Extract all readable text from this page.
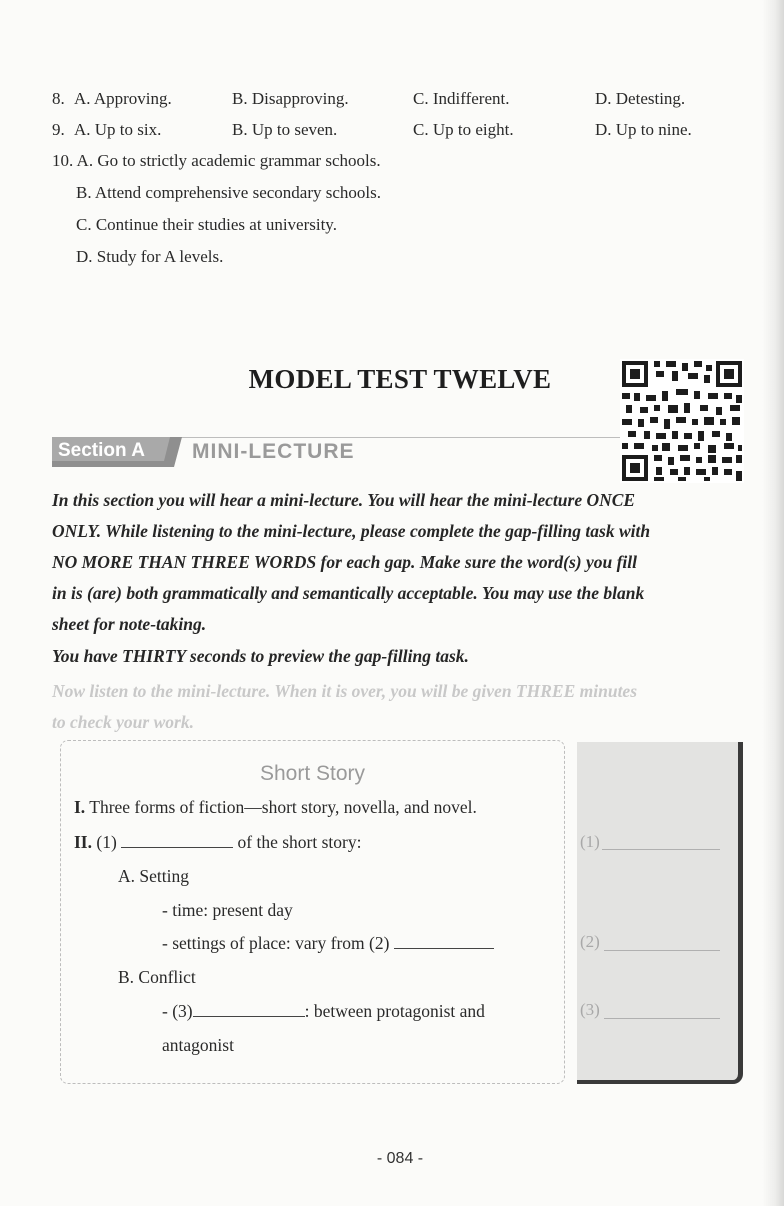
8. A. Approving.	B. Disapproving.	C. Indifferent.	D. Detesting.
9. A. Up to six.	B. Up to seven.	C. Up to eight.	D. Up to nine.
10. A. Go to strictly academic grammar schools.
B. Attend comprehensive secondary schools.
C. Continue their studies at university.
D. Study for A levels.
MODEL TEST TWELVE
Section A MINI-LECTURE
In this section you will hear a mini-lecture. You will hear the mini-lecture ONCE
ONLY. While listening to the mini-lecture, please complete the gap-filling task with
NO MORE THAN THREE WORDS for each gap. Make sure the word(s) you fill
in is (are) both grammatically and semantically acceptable. You may use the blank
sheet for note-taking.
You have THIRTY seconds to preview the gap-filling task.
Now listen to the mini-lecture. When it is over, you will be given THREE minutes
to check your work.
Short Story
I. Three forms of fiction—short story, novella, and novel.
II. (1)	of the short story:
A. Setting
- time: present day
- settings of place: vary from (2)
B. Conflict
- (3)	: between protagonist and
antagonist

(1)
(2)
(3)
- 084 -
